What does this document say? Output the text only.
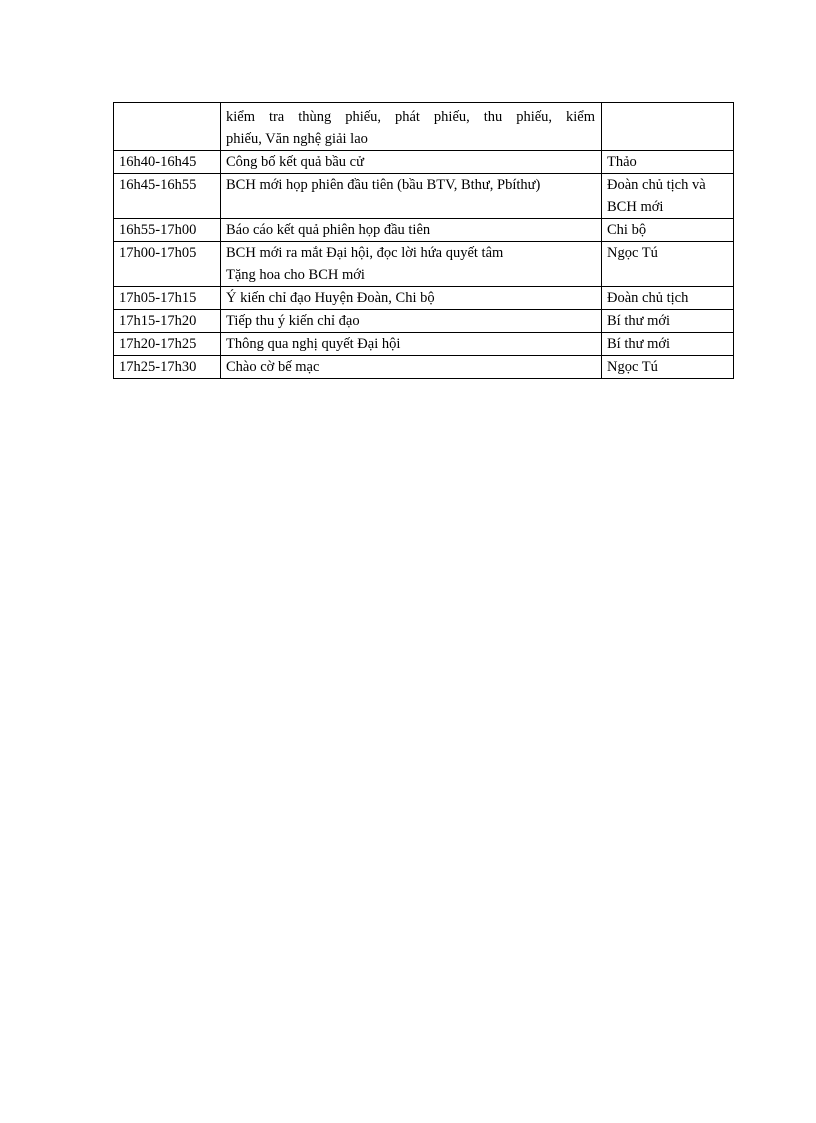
	kiểm tra thùng phiếu, phát phiếu, thu phiếu, kiểm
phiếu, Văn nghệ giải lao	

16h40-16h45	Công bố kết quả bầu cử	Thảo

16h45-16h55	BCH mới họp phiên đầu tiên (bầu BTV, Bthư, Pbíthư)	Đoàn chủ tịch và
BCH mới

16h55-17h00	Báo cáo kết quả phiên họp đầu tiên	Chi bộ

17h00-17h05	BCH mới ra mắt Đại hội, đọc lời hứa quyết tâm
Tặng hoa cho BCH mới	Ngọc Tú

17h05-17h15	Ý kiến chỉ đạo Huyện Đoàn, Chi bộ	Đoàn chủ tịch

17h15-17h20	Tiếp thu ý kiến chỉ đạo	Bí thư mới

17h20-17h25	Thông qua nghị quyết Đại hội	Bí thư mới

17h25-17h30	Chào cờ bế mạc	Ngọc Tú
